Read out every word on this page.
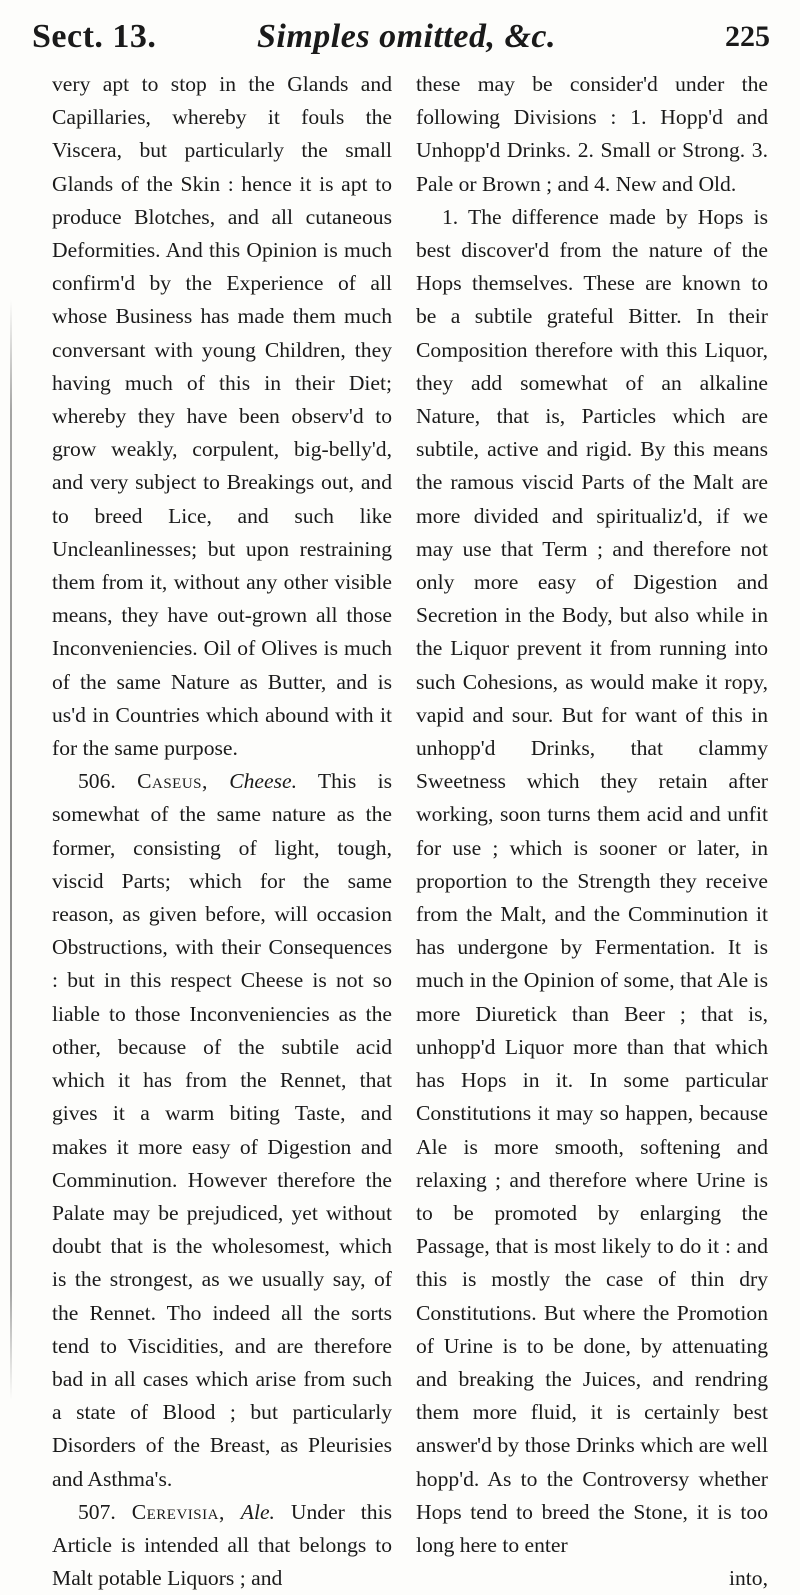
Sect. 13.	Simples omitted, &c.	225

very apt to stop in the Glands and Capillaries, whereby it fouls the Viscera, but particularly the small Glands of the Skin : hence it is apt to produce Blotches, and all cutaneous Deformities. And this Opinion is much confirm'd by the Experience of all whose Business has made them much conversant with young Children, they having much of this in their Diet; whereby they have been observ'd to grow weakly, corpulent, big-belly'd, and very subject to Breakings out, and to breed Lice, and such like Uncleanlinesses; but upon restraining them from it, without any other visible means, they have out-grown all those Inconveniencies. Oil of Olives is much of the same Nature as Butter, and is us'd in Countries which abound with it for the same purpose.

506. Caseus, Cheese. This is somewhat of the same nature as the former, consisting of light, tough, viscid Parts; which for the same reason, as given before, will occasion Obstructions, with their Consequences : but in this respect Cheese is not so liable to those Inconveniencies as the other, because of the subtile acid which it has from the Rennet, that gives it a warm biting Taste, and makes it more easy of Digestion and Comminution. However therefore the Palate may be prejudiced, yet without doubt that is the wholesomest, which is the strongest, as we usually say, of the Rennet. Tho indeed all the sorts tend to Viscidities, and are therefore bad in all cases which arise from such a state of Blood ; but particularly Disorders of the Breast, as Pleurisies and Asthma's.

507. Cerevisia, Ale. Under this Article is intended all that belongs to Malt potable Liquors ; and

these may be consider'd under the following Divisions : 1. Hopp'd and Unhopp'd Drinks. 2. Small or Strong. 3. Pale or Brown ; and 4. New and Old.

1. The difference made by Hops is best discover'd from the nature of the Hops themselves. These are known to be a subtile grateful Bitter. In their Composition therefore with this Liquor, they add somewhat of an alkaline Nature, that is, Particles which are subtile, active and rigid. By this means the ramous viscid Parts of the Malt are more divided and spiritualiz'd, if we may use that Term ; and therefore not only more easy of Digestion and Secretion in the Body, but also while in the Liquor prevent it from running into such Cohesions, as would make it ropy, vapid and sour. But for want of this in unhopp'd Drinks, that clammy Sweetness which they retain after working, soon turns them acid and unfit for use ; which is sooner or later, in proportion to the Strength they receive from the Malt, and the Comminution it has undergone by Fermentation. It is much in the Opinion of some, that Ale is more Diuretick than Beer ; that is, unhopp'd Liquor more than that which has Hops in it. In some particular Constitutions it may so happen, because Ale is more smooth, softening and relaxing ; and therefore where Urine is to be promoted by enlarging the Passage, that is most likely to do it : and this is mostly the case of thin dry Constitutions. But where the Promotion of Urine is to be done, by attenuating and breaking the Juices, and rendring them more fluid, it is certainly best answer'd by those Drinks which are well hopp'd. As to the Controversy whether Hops tend to breed the Stone, it is too long here to enter

into,
